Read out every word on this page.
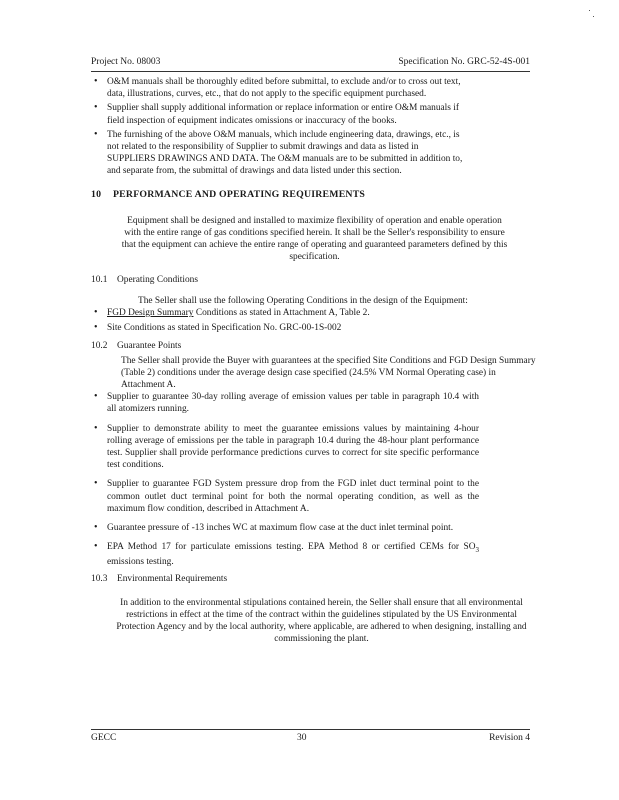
Project No. 08003	Specification No. GRC-52-4S-001
• O&M manuals shall be thoroughly edited before submittal, to exclude and/or to cross out text, data, illustrations, curves, etc., that do not apply to the specific equipment purchased.
• Supplier shall supply additional information or replace information or entire O&M manuals if field inspection of equipment indicates omissions or inaccuracy of the books.
• The furnishing of the above O&M manuals, which include engineering data, drawings, etc., is not related to the responsibility of Supplier to submit drawings and data as listed in SUPPLIERS DRAWINGS AND DATA. The O&M manuals are to be submitted in addition to, and separate from, the submittal of drawings and data listed under this section.
10 PERFORMANCE AND OPERATING REQUIREMENTS
Equipment shall be designed and installed to maximize flexibility of operation and enable operation with the entire range of gas conditions specified herein. It shall be the Seller's responsibility to ensure that the equipment can achieve the entire range of operating and guaranteed parameters defined by this specification.
10.1 Operating Conditions
The Seller shall use the following Operating Conditions in the design of the Equipment:
• FGD Design Summary Conditions as stated in Attachment A, Table 2.
• Site Conditions as stated in Specification No. GRC-00-1S-002
10.2 Guarantee Points
The Seller shall provide the Buyer with guarantees at the specified Site Conditions and FGD Design Summary (Table 2) conditions under the average design case specified (24.5% VM Normal Operating case) in Attachment A.
• Supplier to guarantee 30-day rolling average of emission values per table in paragraph 10.4 with all atomizers running.
• Supplier to demonstrate ability to meet the guarantee emissions values by maintaining 4-hour rolling average of emissions per the table in paragraph 10.4 during the 48-hour plant performance test. Supplier shall provide performance predictions curves to correct for site specific performance test conditions.
• Supplier to guarantee FGD System pressure drop from the FGD inlet duct terminal point to the common outlet duct terminal point for both the normal operating condition, as well as the maximum flow condition, described in Attachment A.
• Guarantee pressure of -13 inches WC at maximum flow case at the duct inlet terminal point.
• EPA Method 17 for particulate emissions testing. EPA Method 8 or certified CEMs for $SO_3$ emissions testing.
10.3 Environmental Requirements
In addition to the environmental stipulations contained herein, the Seller shall ensure that all environmental restrictions in effect at the time of the contract within the guidelines stipulated by the US Environmental Protection Agency and by the local authority, where applicable, are adhered to when designing, installing and commissioning the plant.
GECC	30	Revision 4
